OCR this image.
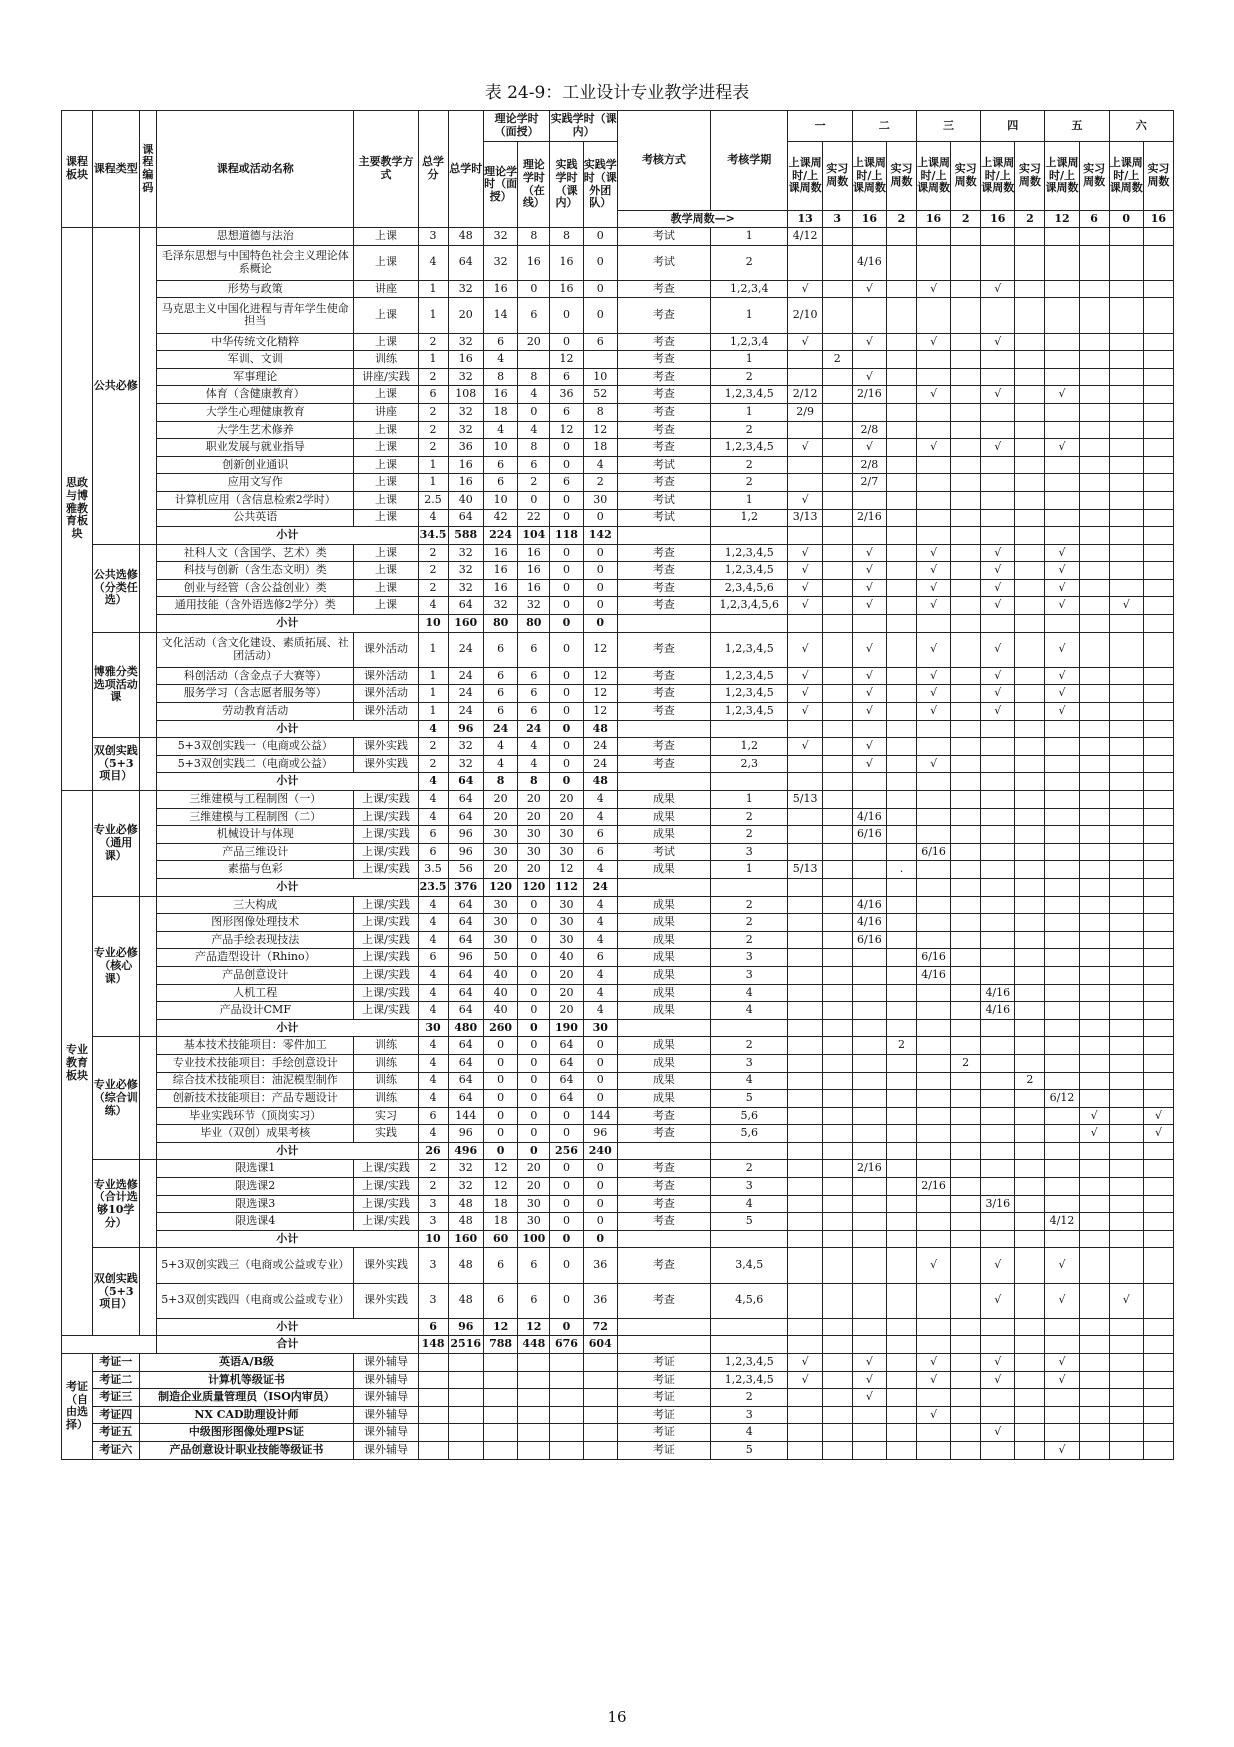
表 24-9：工业设计专业教学进程表
课程板块	课程类型	课程编码	课程或活动名称	主要教学方式	总学分	总学时	理论学时（面授）		实践学时（课内）		考核方式	考核学期	一		二		三		四		五		六	
							理论学时（面授）	理论学时（在线）	实践学时（课内）	实践学时（课外团队）			上课周时/上课周数	实习周数	上课周时/上课周数	实习周数	上课周时/上课周数	实习周数	上课周时/上课周数	实习周数	上课周时/上课周数	实习周数	上课周时/上课周数	实习周数
											教学周数—>		13	3	16	2	16	2	16	2	12	6	0	16
思政与博雅教育板块	公共必修		思想道德与法治	上课	3	48	32	8	8	0	考试	1	4/12											
			毛泽东思想与中国特色社会主义理论体系概论	上课	4	64	32	16	16	0	考试	2			4/16									
			形势与政策	讲座	1	32	16	0	16	0	考查	1,2,3,4	√		√		√		√					
			马克思主义中国化进程与青年学生使命担当	上课	1	20	14	6	0	0	考查	1	2/10											
			中华传统文化精粹	上课	2	32	6	20	0	6	考查	1,2,3,4	√		√		√		√					
			军训、文训	训练	1	16	4		12		考查	1		2										
			军事理论	讲座/实践	2	32	8	8	6	10	考查	2			√									
			体育（含健康教育）	上课	6	108	16	4	36	52	考查	1,2,3,4,5	2/12		2/16		√		√		√			
			大学生心理健康教育	讲座	2	32	18	0	6	8	考查	1	2/9											
			大学生艺术修养	上课	2	32	4	4	12	12	考查	2			2/8									
			职业发展与就业指导	上课	2	36	10	8	0	18	考查	1,2,3,4,5	√		√		√		√		√			
			创新创业通识	上课	1	16	6	6	0	4	考试	2			2/8									
			应用文写作	上课	1	16	6	2	6	2	考查	2			2/7									
			计算机应用（含信息检索2学时）	上课	2.5	40	10	0	0	30	考试	1	√											
			公共英语	上课	4	64	42	22	0	0	考试	1,2	3/13		2/16									
			小计		34.5	588	224	104	118	142														
	公共选修（分类任选）		社科人文（含国学、艺术）类	上课	2	32	16	16	0	0	考查	1,2,3,4,5	√		√		√		√		√			
			科技与创新（含生态文明）类	上课	2	32	16	16	0	0	考查	1,2,3,4,5	√		√		√		√		√			
			创业与经管（含公益创业）类	上课	2	32	16	16	0	0	考查	2,3,4,5,6	√		√		√		√		√			
			通用技能（含外语选修2学分）类	上课	4	64	32	32	0	0	考查	1,2,3,4,5,6	√		√		√		√		√		√	
			小计		10	160	80	80	0	0														
	博雅分类选项活动课		文化活动（含文化建设、素质拓展、社团活动）	课外活动	1	24	6	6	0	12	考查	1,2,3,4,5	√		√		√		√		√			
			科创活动（含金点子大赛等）	课外活动	1	24	6	6	0	12	考查	1,2,3,4,5	√		√		√		√		√			
			服务学习（含志愿者服务等）	课外活动	1	24	6	6	0	12	考查	1,2,3,4,5	√		√		√		√		√			
			劳动教育活动	课外活动	1	24	6	6	0	12	考查	1,2,3,4,5	√		√		√		√		√			
			小计		4	96	24	24	0	48														
	双创实践（5+3项目）		5+3双创实践一（电商或公益）	课外实践	2	32	4	4	0	24	考查	1,2	√		√									
			5+3双创实践二（电商或公益）	课外实践	2	32	4	4	0	24	考查	2,3			√		√							
			小计		4	64	8	8	0	48														
专业教育板块	专业必修（通用课）		三维建模与工程制图（一）	上课/实践	4	64	20	20	20	4	成果	1	5/13											
			三维建模与工程制图（二）	上课/实践	4	64	20	20	20	4	成果	2			4/16									
			机械设计与体现	上课/实践	6	96	30	30	30	6	成果	2			6/16									
			产品三维设计	上课/实践	6	96	30	30	30	6	考试	3					6/16							
			素描与色彩	上课/实践	3.5	56	20	20	12	4	成果	1	5/13			.								
			小计		23.5	376	120	120	112	24														
	专业必修（核心课）		三大构成	上课/实践	4	64	30	0	30	4	成果	2			4/16									
			图形图像处理技术	上课/实践	4	64	30	0	30	4	成果	2			4/16									
			产品手绘表现技法	上课/实践	4	64	30	0	30	4	成果	2			6/16									
			产品造型设计（Rhino）	上课/实践	6	96	50	0	40	6	成果	3					6/16							
			产品创意设计	上课/实践	4	64	40	0	20	4	成果	3					4/16							
			人机工程	上课/实践	4	64	40	0	20	4	成果	4							4/16					
			产品设计CMF	上课/实践	4	64	40	0	20	4	成果	4							4/16					
			小计		30	480	260	0	190	30														
	专业必修（综合训练）		基本技术技能项目：零件加工	训练	4	64	0	0	64	0	成果	2				2								
			专业技术技能项目：手绘创意设计	训练	4	64	0	0	64	0	成果	3						2						
			综合技术技能项目：油泥模型制作	训练	4	64	0	0	64	0	成果	4								2				
			创新技术技能项目：产品专题设计	训练	4	64	0	0	64	0	成果	5									6/12			
			毕业实践环节（顶岗实习）	实习	6	144	0	0	0	144	考查	5,6										√		√
			毕业（双创）成果考核	实践	4	96	0	0	0	96	考查	5,6										√		√
			小计		26	496	0	0	256	240														
	专业选修（合计选够10学分）		限选课1	上课/实践	2	32	12	20	0	0	考查	2			2/16									
			限选课2	上课/实践	2	32	12	20	0	0	考查	3					2/16							
			限选课3	上课/实践	3	48	18	30	0	0	考查	4							3/16					
			限选课4	上课/实践	3	48	18	30	0	0	考查	5									4/12			
			小计		10	160	60	100	0	0														
	双创实践（5+3项目）		5+3双创实践三（电商或公益或专业）	课外实践	3	48	6	6	0	36	考查	3,4,5					√		√		√			
			5+3双创实践四（电商或公益或专业）	课外实践	3	48	6	6	0	36	考查	4,5,6							√		√		√	
			小计		6	96	12	12	0	72														
			合计		148	2516	788	448	676	604														
考证（自由选择）	考证一	英语A/B级		课外辅导							考证	1,2,3,4,5	√		√		√		√		√			
	考证二	计算机等级证书		课外辅导							考证	1,2,3,4,5	√		√		√		√		√			
	考证三	制造企业质量管理员（ISO内审员）		课外辅导							考证	2			√									
	考证四	NX CAD助理设计师		课外辅导							考证	3					√							
	考证五	中级图形图像处理PS证		课外辅导							考证	4							√					
	考证六	产品创意设计职业技能等级证书		课外辅导							考证	5									√			
16
